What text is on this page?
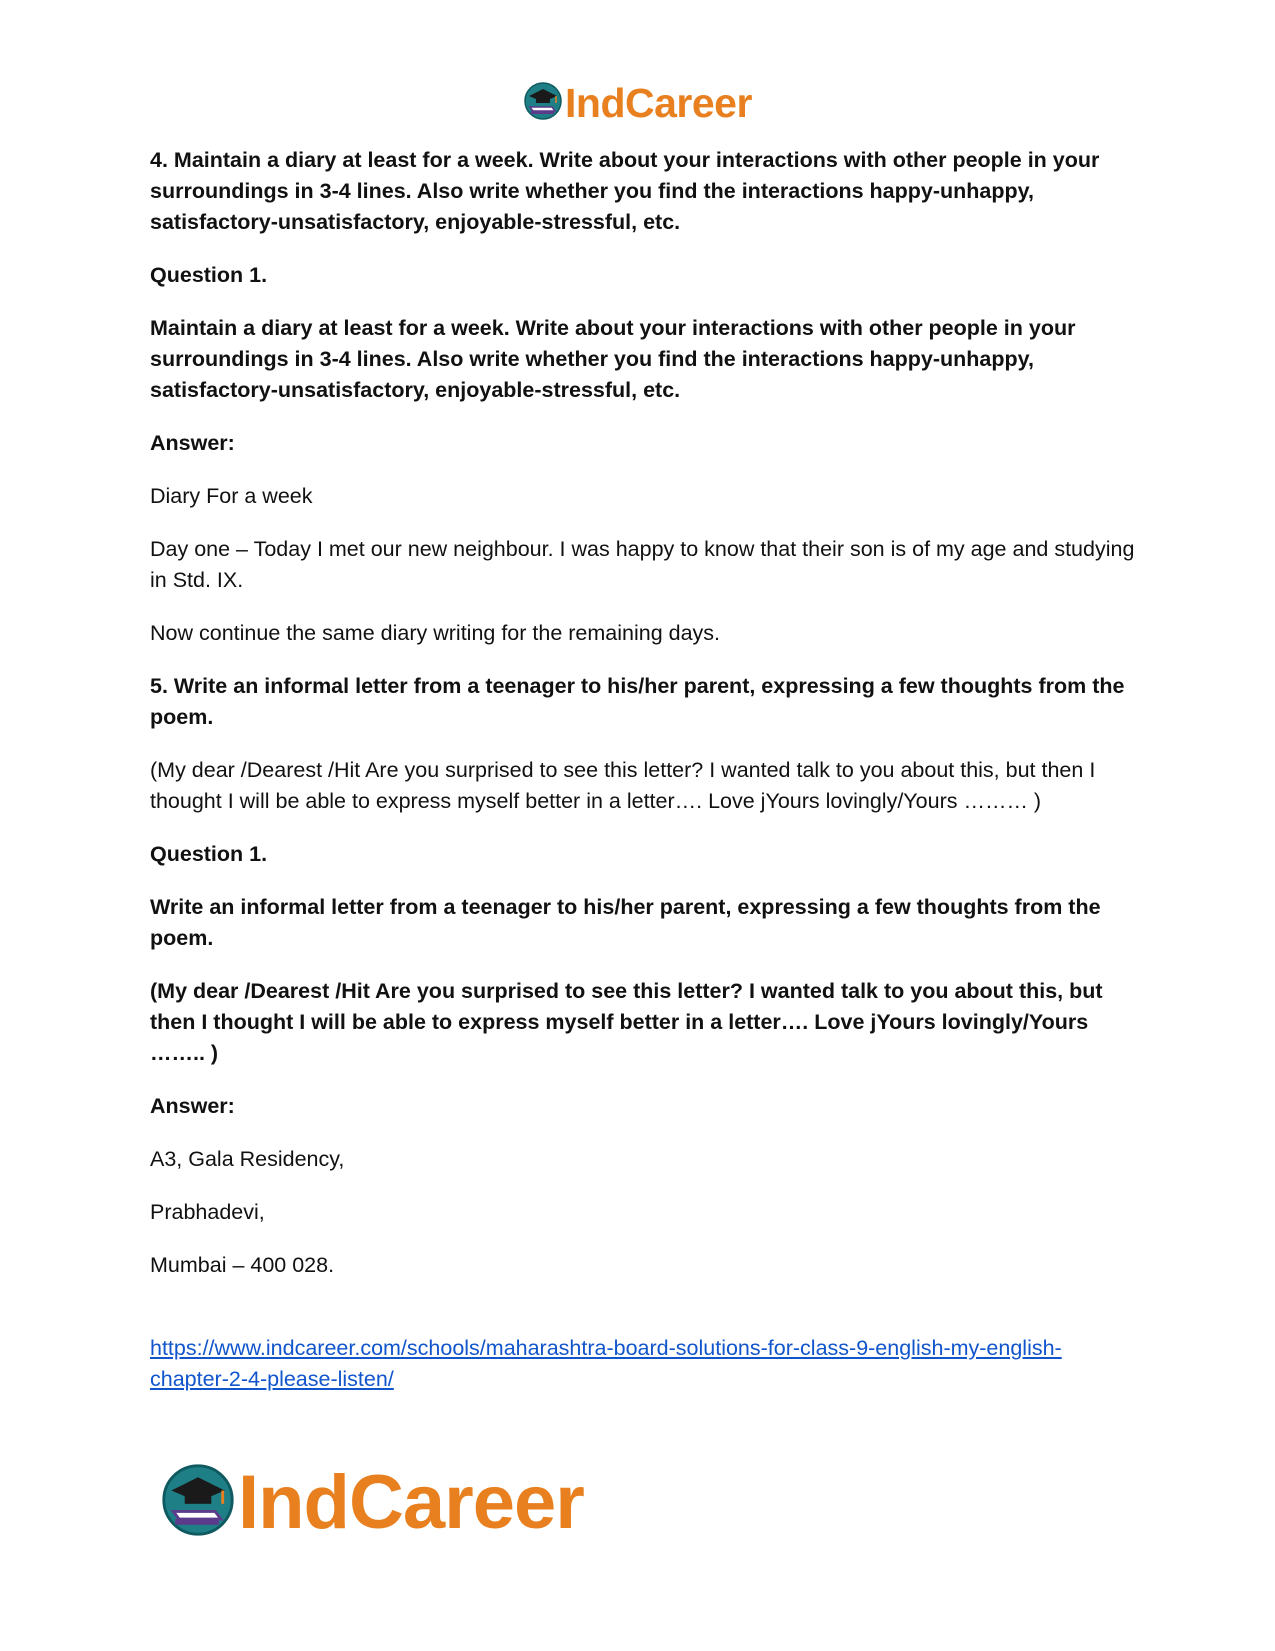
IndCareer

4. Maintain a diary at least for a week. Write about your interactions with other people in your surroundings in 3-4 lines. Also write whether you find the interactions happy-unhappy, satisfactory-unsatisfactory, enjoyable-stressful, etc.

Question 1.

Maintain a diary at least for a week. Write about your interactions with other people in your surroundings in 3-4 lines. Also write whether you find the interactions happy-unhappy, satisfactory-unsatisfactory, enjoyable-stressful, etc.

Answer:

Diary For a week

Day one – Today I met our new neighbour. I was happy to know that their son is of my age and studying in Std. IX.

Now continue the same diary writing for the remaining days.

5. Write an informal letter from a teenager to his/her parent, expressing a few thoughts from the poem.

(My dear /Dearest /Hit Are you surprised to see this letter? I wanted talk to you about this, but then I thought I will be able to express myself better in a letter…. Love jYours lovingly/Yours ……… )

Question 1.

Write an informal letter from a teenager to his/her parent, expressing a few thoughts from the poem.

(My dear /Dearest /Hit Are you surprised to see this letter? I wanted talk to you about this, but then I thought I will be able to express myself better in a letter…. Love jYours lovingly/Yours …….. )

Answer:

A3, Gala Residency,

Prabhadevi,

Mumbai – 400 028.

https://www.indcareer.com/schools/maharashtra-board-solutions-for-class-9-english-my-english-chapter-2-4-please-listen/
IndCareer
